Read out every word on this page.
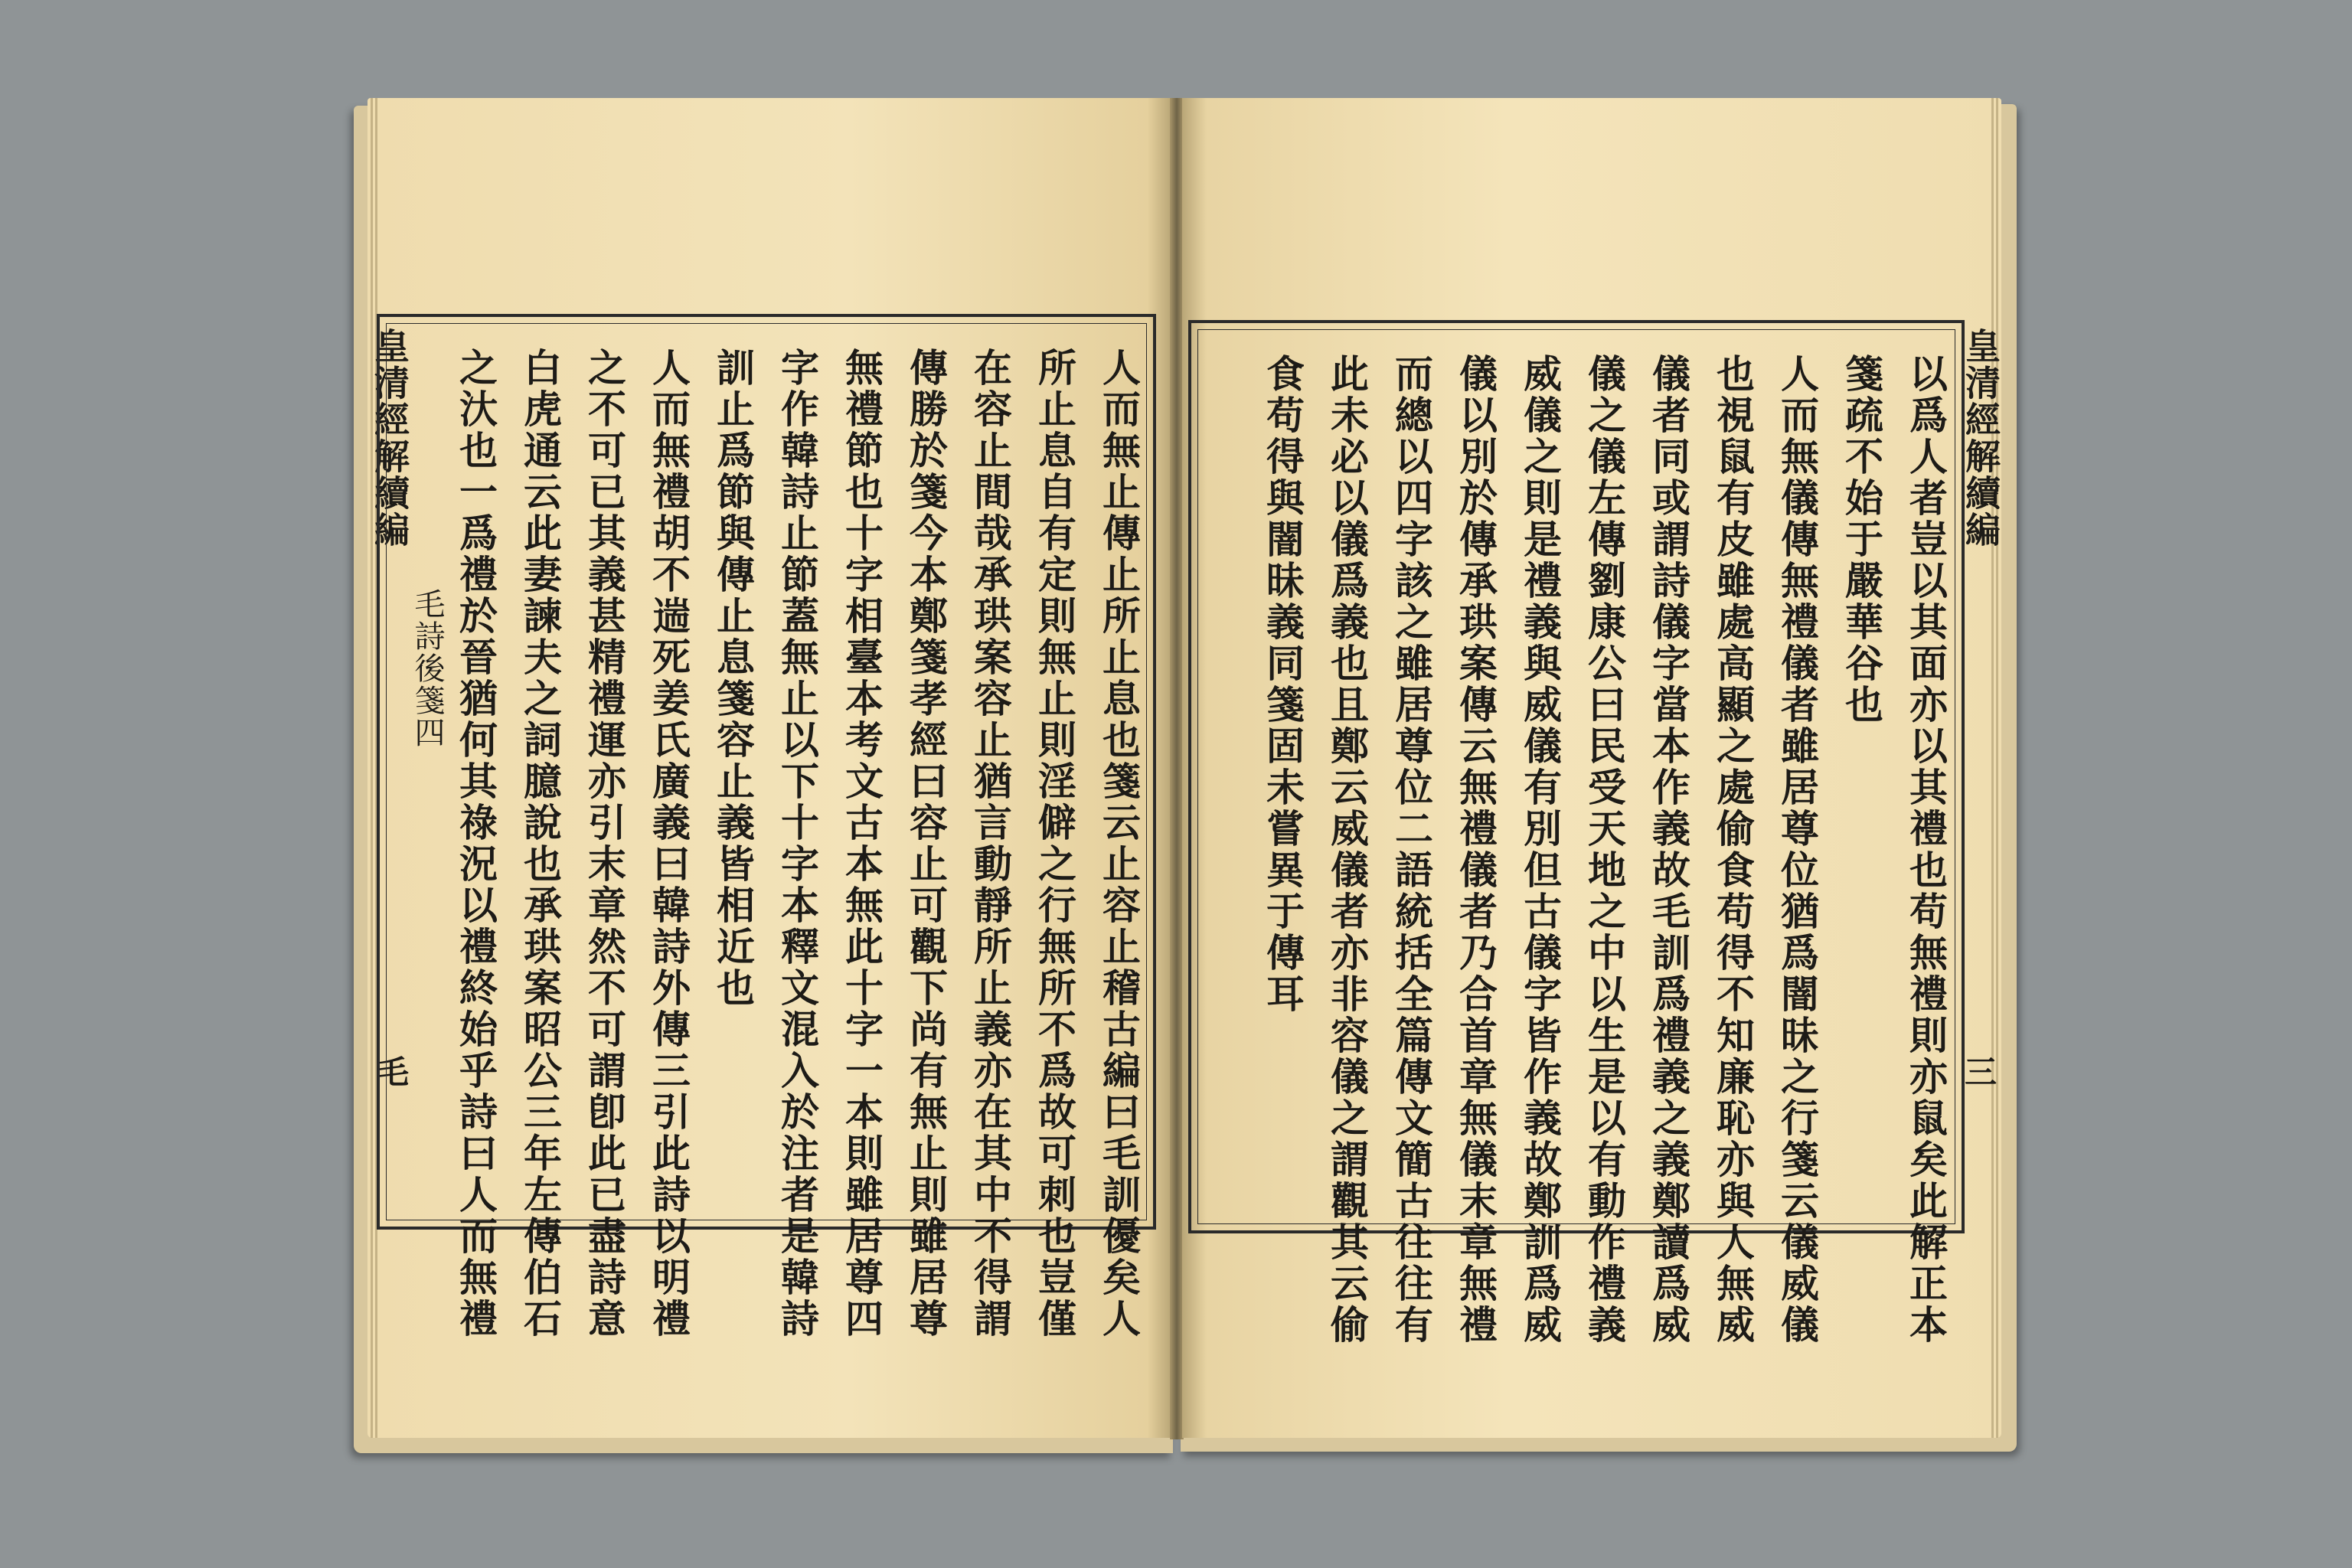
皇清經解續編
毛詩後箋四
毛	人而無止傳止所止息也箋云止容止稽古編曰毛訓優矣人
所止息自有定則無止則淫僻之行無所不爲故可刺也豈僅
在容止間哉承珙案容止猶言動靜所止義亦在其中不得謂
傳勝於箋今本鄭箋孝經曰容止可觀下尚有無止則雖居尊
無禮節也十字相臺本考文古本無此十字一本則雖居尊四
字作韓詩止節蓋無止以下十字本釋文混入於注者是韓詩
訓止爲節與傳止息箋容止義皆相近也
人而無禮胡不遄死姜氏廣義曰韓詩外傳三引此詩以明禮
之不可已其義甚精禮運亦引末章然不可謂卽此已盡詩意
白虎通云此妻諫夫之詞臆說也承珙案昭公三年左傳伯石
之汏也一爲禮於晉猶何其祿況以禮終始乎詩曰人而無禮	皇清經解續編
三
以爲人者豈以其面亦以其禮也苟無禮則亦鼠矣此解正本
箋疏不始于嚴華谷也
人而無儀傳無禮儀者雖居尊位猶爲闇昧之行箋云儀威儀
也視鼠有皮雖處高顯之處偷食苟得不知廉恥亦與人無威
儀者同或謂詩儀字當本作義故毛訓爲禮義之義鄭讀爲威
儀之儀左傳劉康公曰民受天地之中以生是以有動作禮義
威儀之則是禮義與威儀有別但古儀字皆作義故鄭訓爲威
儀以別於傳承珙案傳云無禮儀者乃合首章無儀末章無禮
而總以四字該之雖居尊位二語統括全篇傳文簡古往往有
此未必以儀爲義也且鄭云威儀者亦非容儀之謂觀其云偷
食苟得與闇昧義同箋固未嘗異于傳耳
